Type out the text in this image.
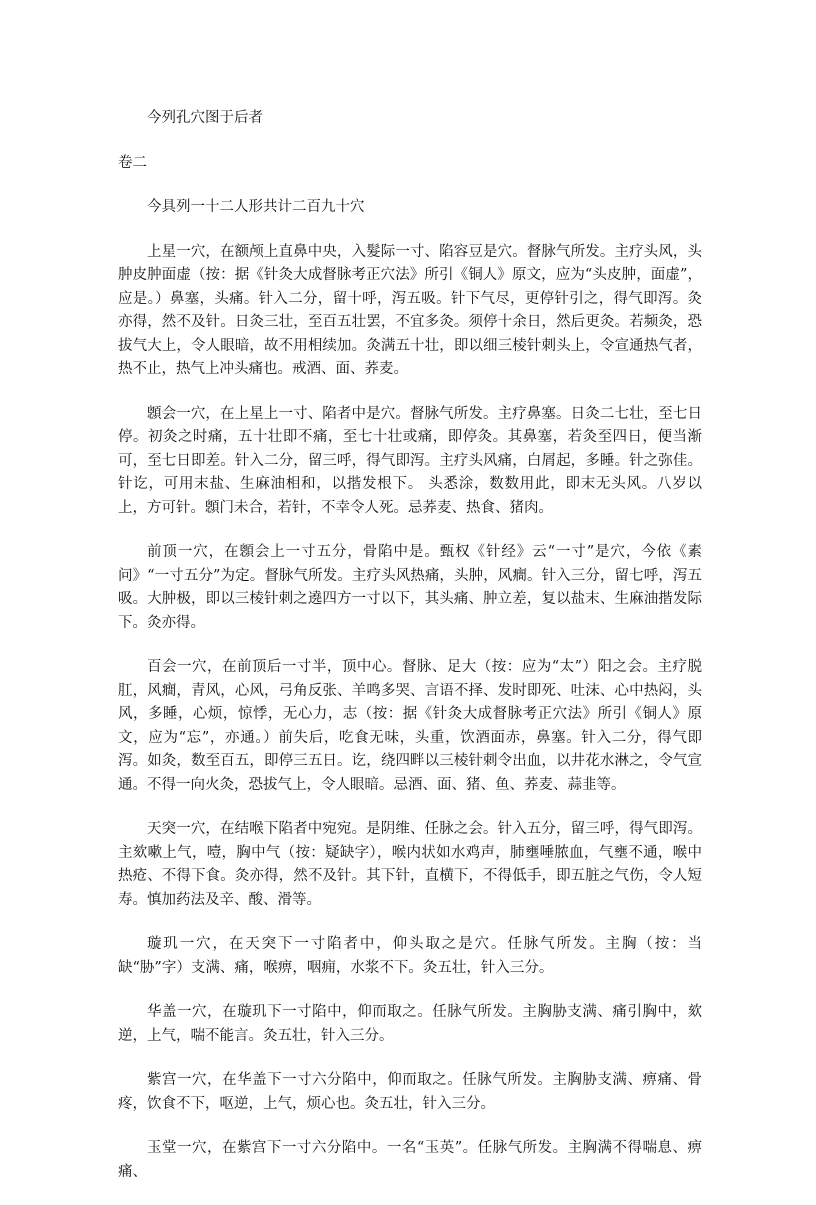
今列孔穴图于后者

卷二

今具列一十二人形共计二百九十穴

上星一穴，在额颅上直鼻中央，入髮际一寸、陷容豆是穴。督脉气所发。主疗头风，头肿皮肿面虚（按：据《针灸大成督脉考正穴法》所引《铜人》原文，应为“头皮肿，面虚”，应是。）鼻塞，头痛。针入二分，留十呼，泻五吸。针下气尽，更停针引之，得气即泻。灸亦得，然不及针。日灸三壮，至百五壮罢，不宜多灸。须停十余日，然后更灸。若频灸，恐拔气大上，令人眼暗，故不用相续加。灸满五十壮，即以细三棱针刺头上，令宣通热气者，热不止，热气上冲头痛也。戒酒、面、荞麦。

顖会一穴，在上星上一寸、陷者中是穴。督脉气所发。主疗鼻塞。日灸二七壮，至七日停。初灸之时痛，五十壮即不痛，至七十壮或痛，即停灸。其鼻塞，若灸至四日，便当渐可，至七日即差。针入二分，留三呼，得气即泻。主疗头风痛，白屑起，多睡。针之弥佳。针讫，可用末盐、生麻油相和，以揩发根下。 头悉涂，数数用此，即末无头风。八岁以上，方可针。顖门未合，若针，不幸令人死。忌荞麦、热食、猪肉。

前顶一穴，在顖会上一寸五分，骨陷中是。甄权《针经》云“一寸”是穴，今依《素问》“一寸五分”为定。督脉气所发。主疗头风热痛，头肿，风癎。针入三分，留七呼，泻五吸。大肿极，即以三棱针刺之遶四方一寸以下，其头痛、肿立差，复以盐末、生麻油揩发际下。灸亦得。

百会一穴，在前顶后一寸半，顶中心。督脉、足大（按：应为“太”）阳之会。主疗脱肛，风癎，青风，心风，弓角反张、羊鸣多哭、言语不择、发时即死、吐沫、心中热闷，头风，多睡，心烦，惊悸，无心力，志（按：据《针灸大成督脉考正穴法》所引《铜人》原文，应为“忘”，亦通。）前失后，吃食无味，头重，饮酒面赤，鼻塞。针入二分，得气即泻。如灸，数至百五，即停三五日。讫，绕四畔以三棱针刺令出血，以井花水淋之，令气宣通。不得一向火灸，恐拔气上，令人眼暗。忌酒、面、猪、鱼、荞麦、蒜韭等。

天突一穴，在结喉下陷者中宛宛。是阴维、任脉之会。针入五分，留三呼，得气即泻。主欬嗽上气，噎，胸中气（按：疑缺字），喉内状如水鸡声，肺壅唾脓血，气壅不通，喉中热疮、不得下食。灸亦得，然不及针。其下针，直横下，不得低手，即五脏之气伤，令人短寿。慎加药法及辛、酸、滑等。

璇玑一穴，在天突下一寸陷者中，仰头取之是穴。任脉气所发。主胸（按：当缺“胁”字）支满、痛，喉痹，咽痈，水浆不下。灸五壮，针入三分。

华盖一穴，在璇玑下一寸陷中，仰而取之。任脉气所发。主胸胁支满、痛引胸中，欬逆，上气，喘不能言。灸五壮，针入三分。

紫宫一穴，在华盖下一寸六分陷中，仰而取之。任脉气所发。主胸胁支满、痹痛、骨疼，饮食不下，呕逆，上气，烦心也。灸五壮，针入三分。

玉堂一穴，在紫宫下一寸六分陷中。一名“玉英”。任脉气所发。主胸满不得喘息、痹痛、
